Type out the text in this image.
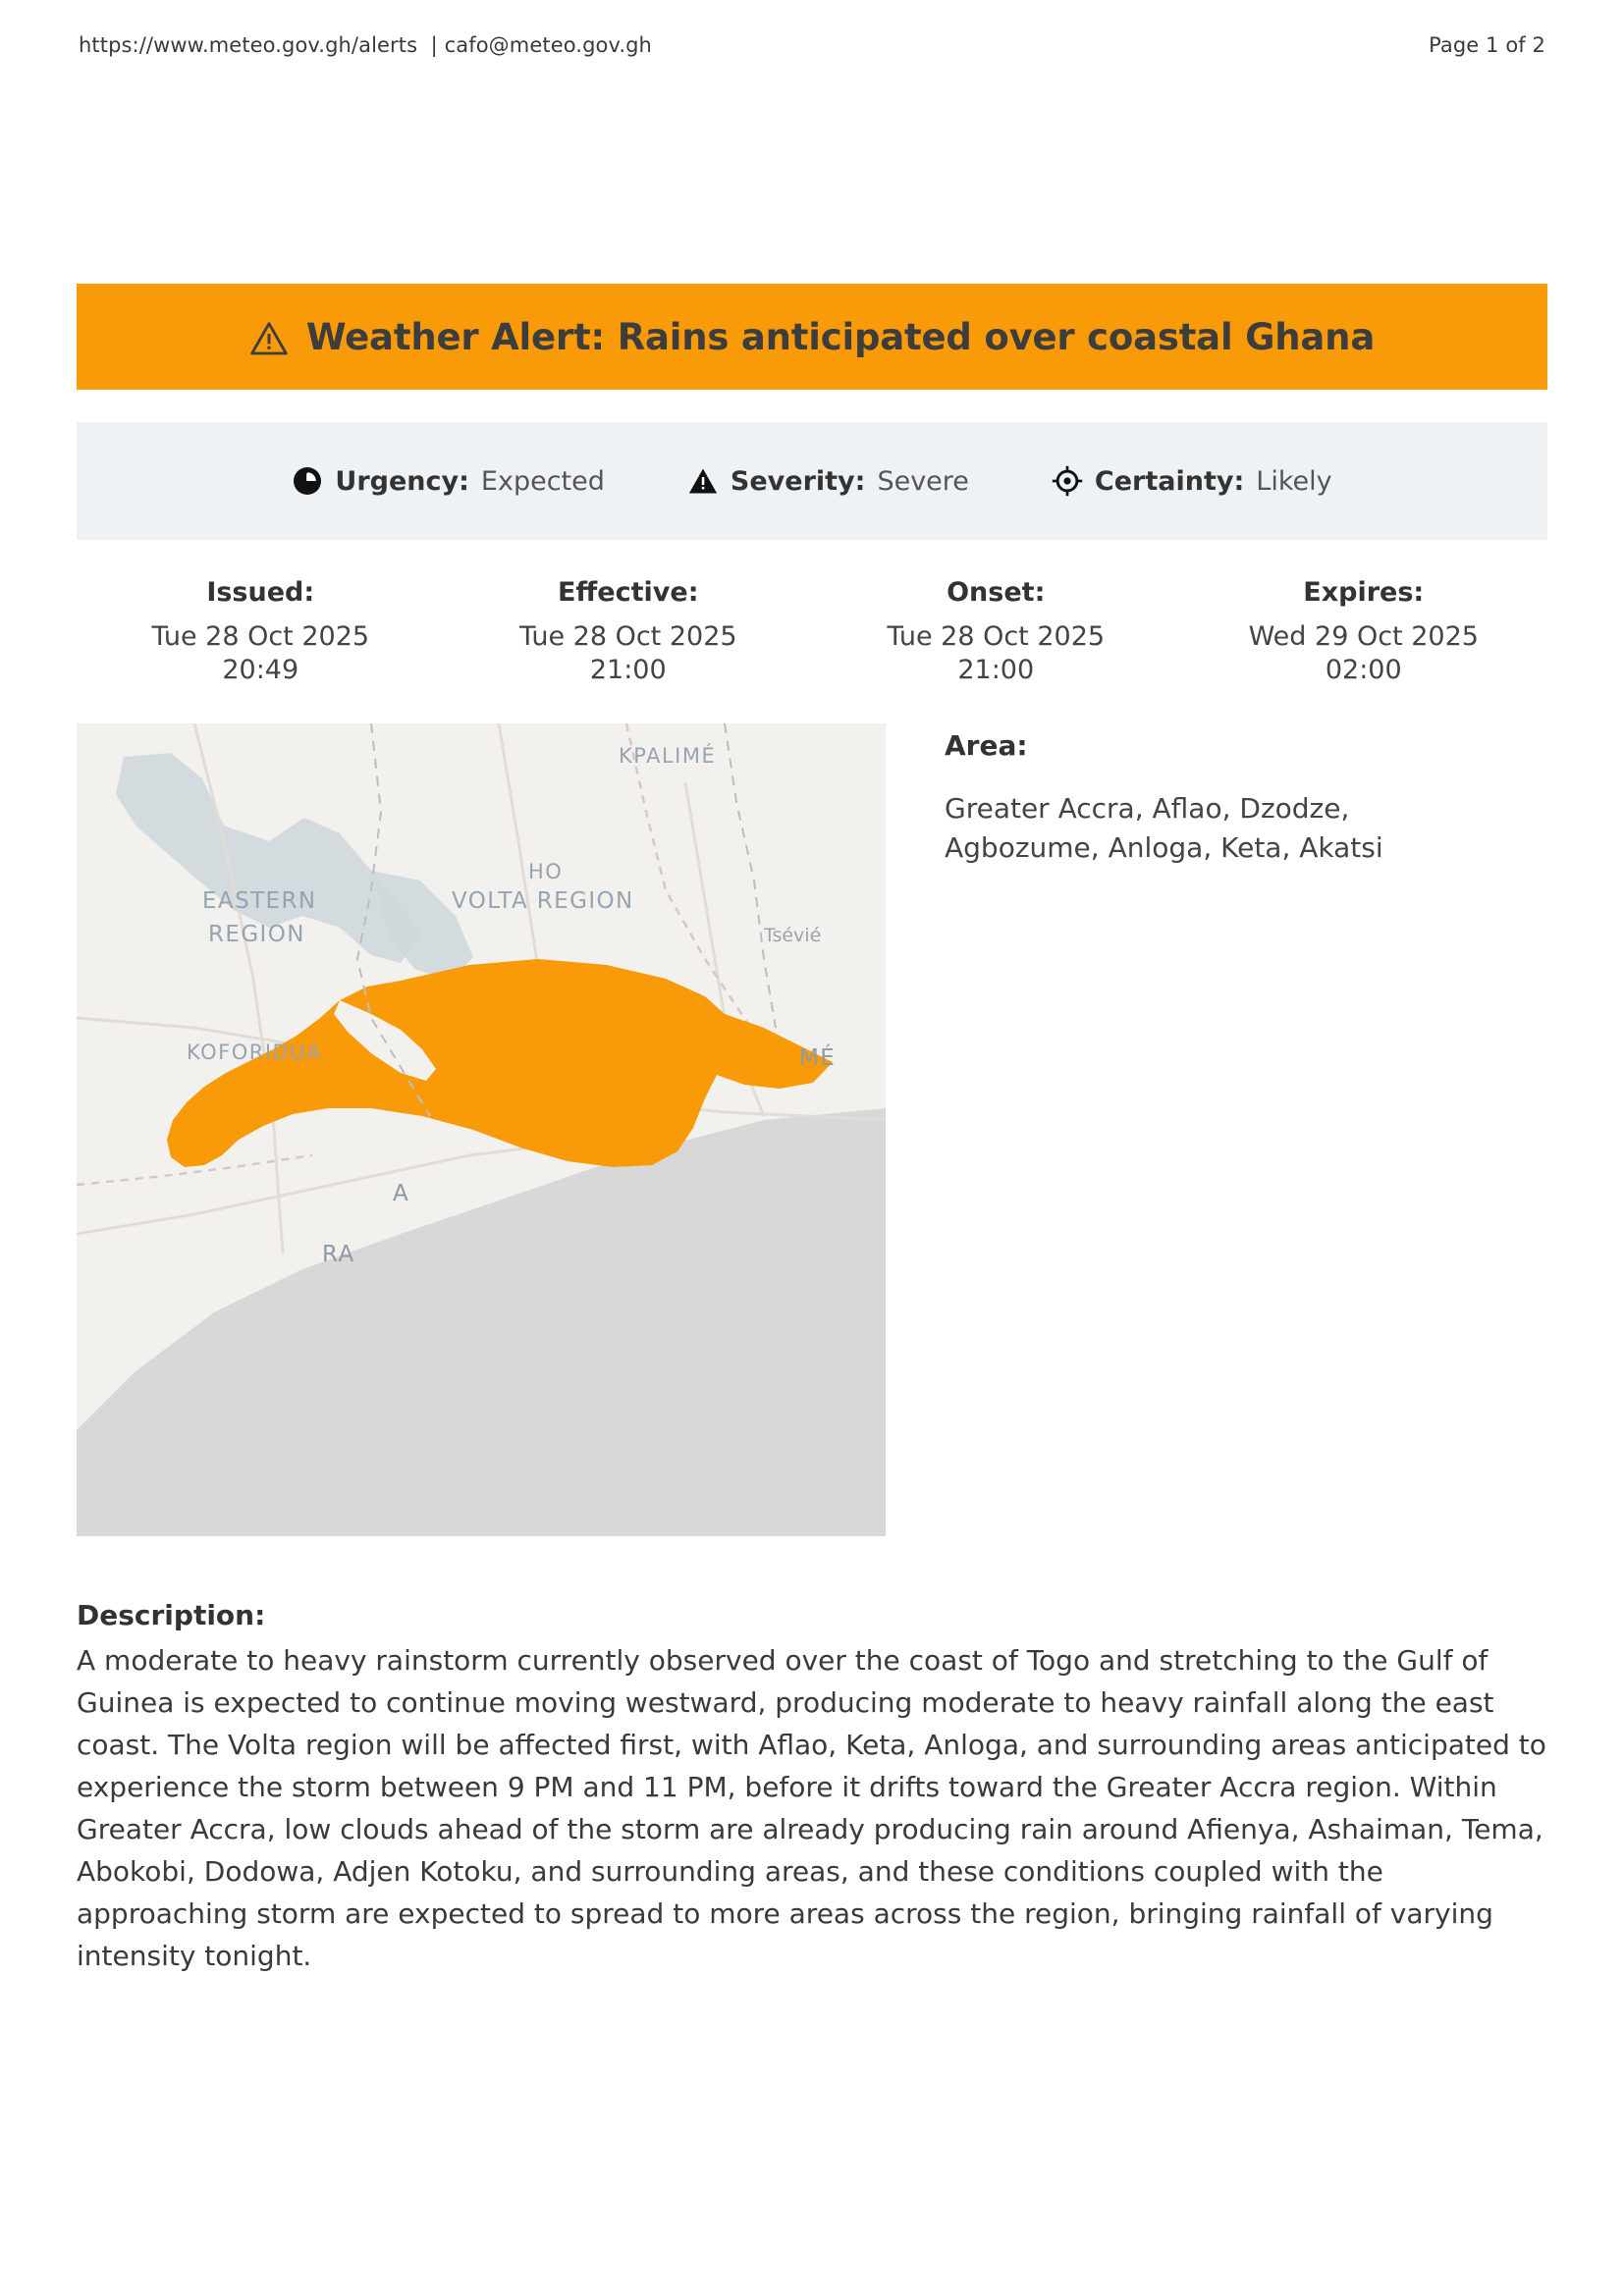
https://www.meteo.gov.gh/alerts  | cafo@meteo.gov.gh	Page 1 of 2
Weather Alert: Rains anticipated over coastal Ghana
Urgency: Expected	Severity: Severe	Certainty: Likely
Issued:
Tue 28 Oct 2025 20:49
Effective:
Tue 28 Oct 2025 21:00
Onset:
Tue 28 Oct 2025 21:00
Expires:
Wed 29 Oct 2025 02:00
KPALIMÉ
HO
VOLTA REGION
EASTERN
REGION	Tsévié
KOFORIDUA	MÉ
A
RA

Area:

Greater Accra, Aflao, Dzodze, Agbozume, Anloga, Keta, Akatsi

Description:

A moderate to heavy rainstorm currently observed over the coast of Togo and stretching to the Gulf of Guinea is expected to continue moving westward, producing moderate to heavy rainfall along the east coast. The Volta region will be affected first, with Aflao, Keta, Anloga, and surrounding areas anticipated to experience the storm between 9 PM and 11 PM, before it drifts toward the Greater Accra region. Within Greater Accra, low clouds ahead of the storm are already producing rain around Afienya, Ashaiman, Tema, Abokobi, Dodowa, Adjen Kotoku, and surrounding areas, and these conditions coupled with the approaching storm are expected to spread to more areas across the region, bringing rainfall of varying intensity tonight.
